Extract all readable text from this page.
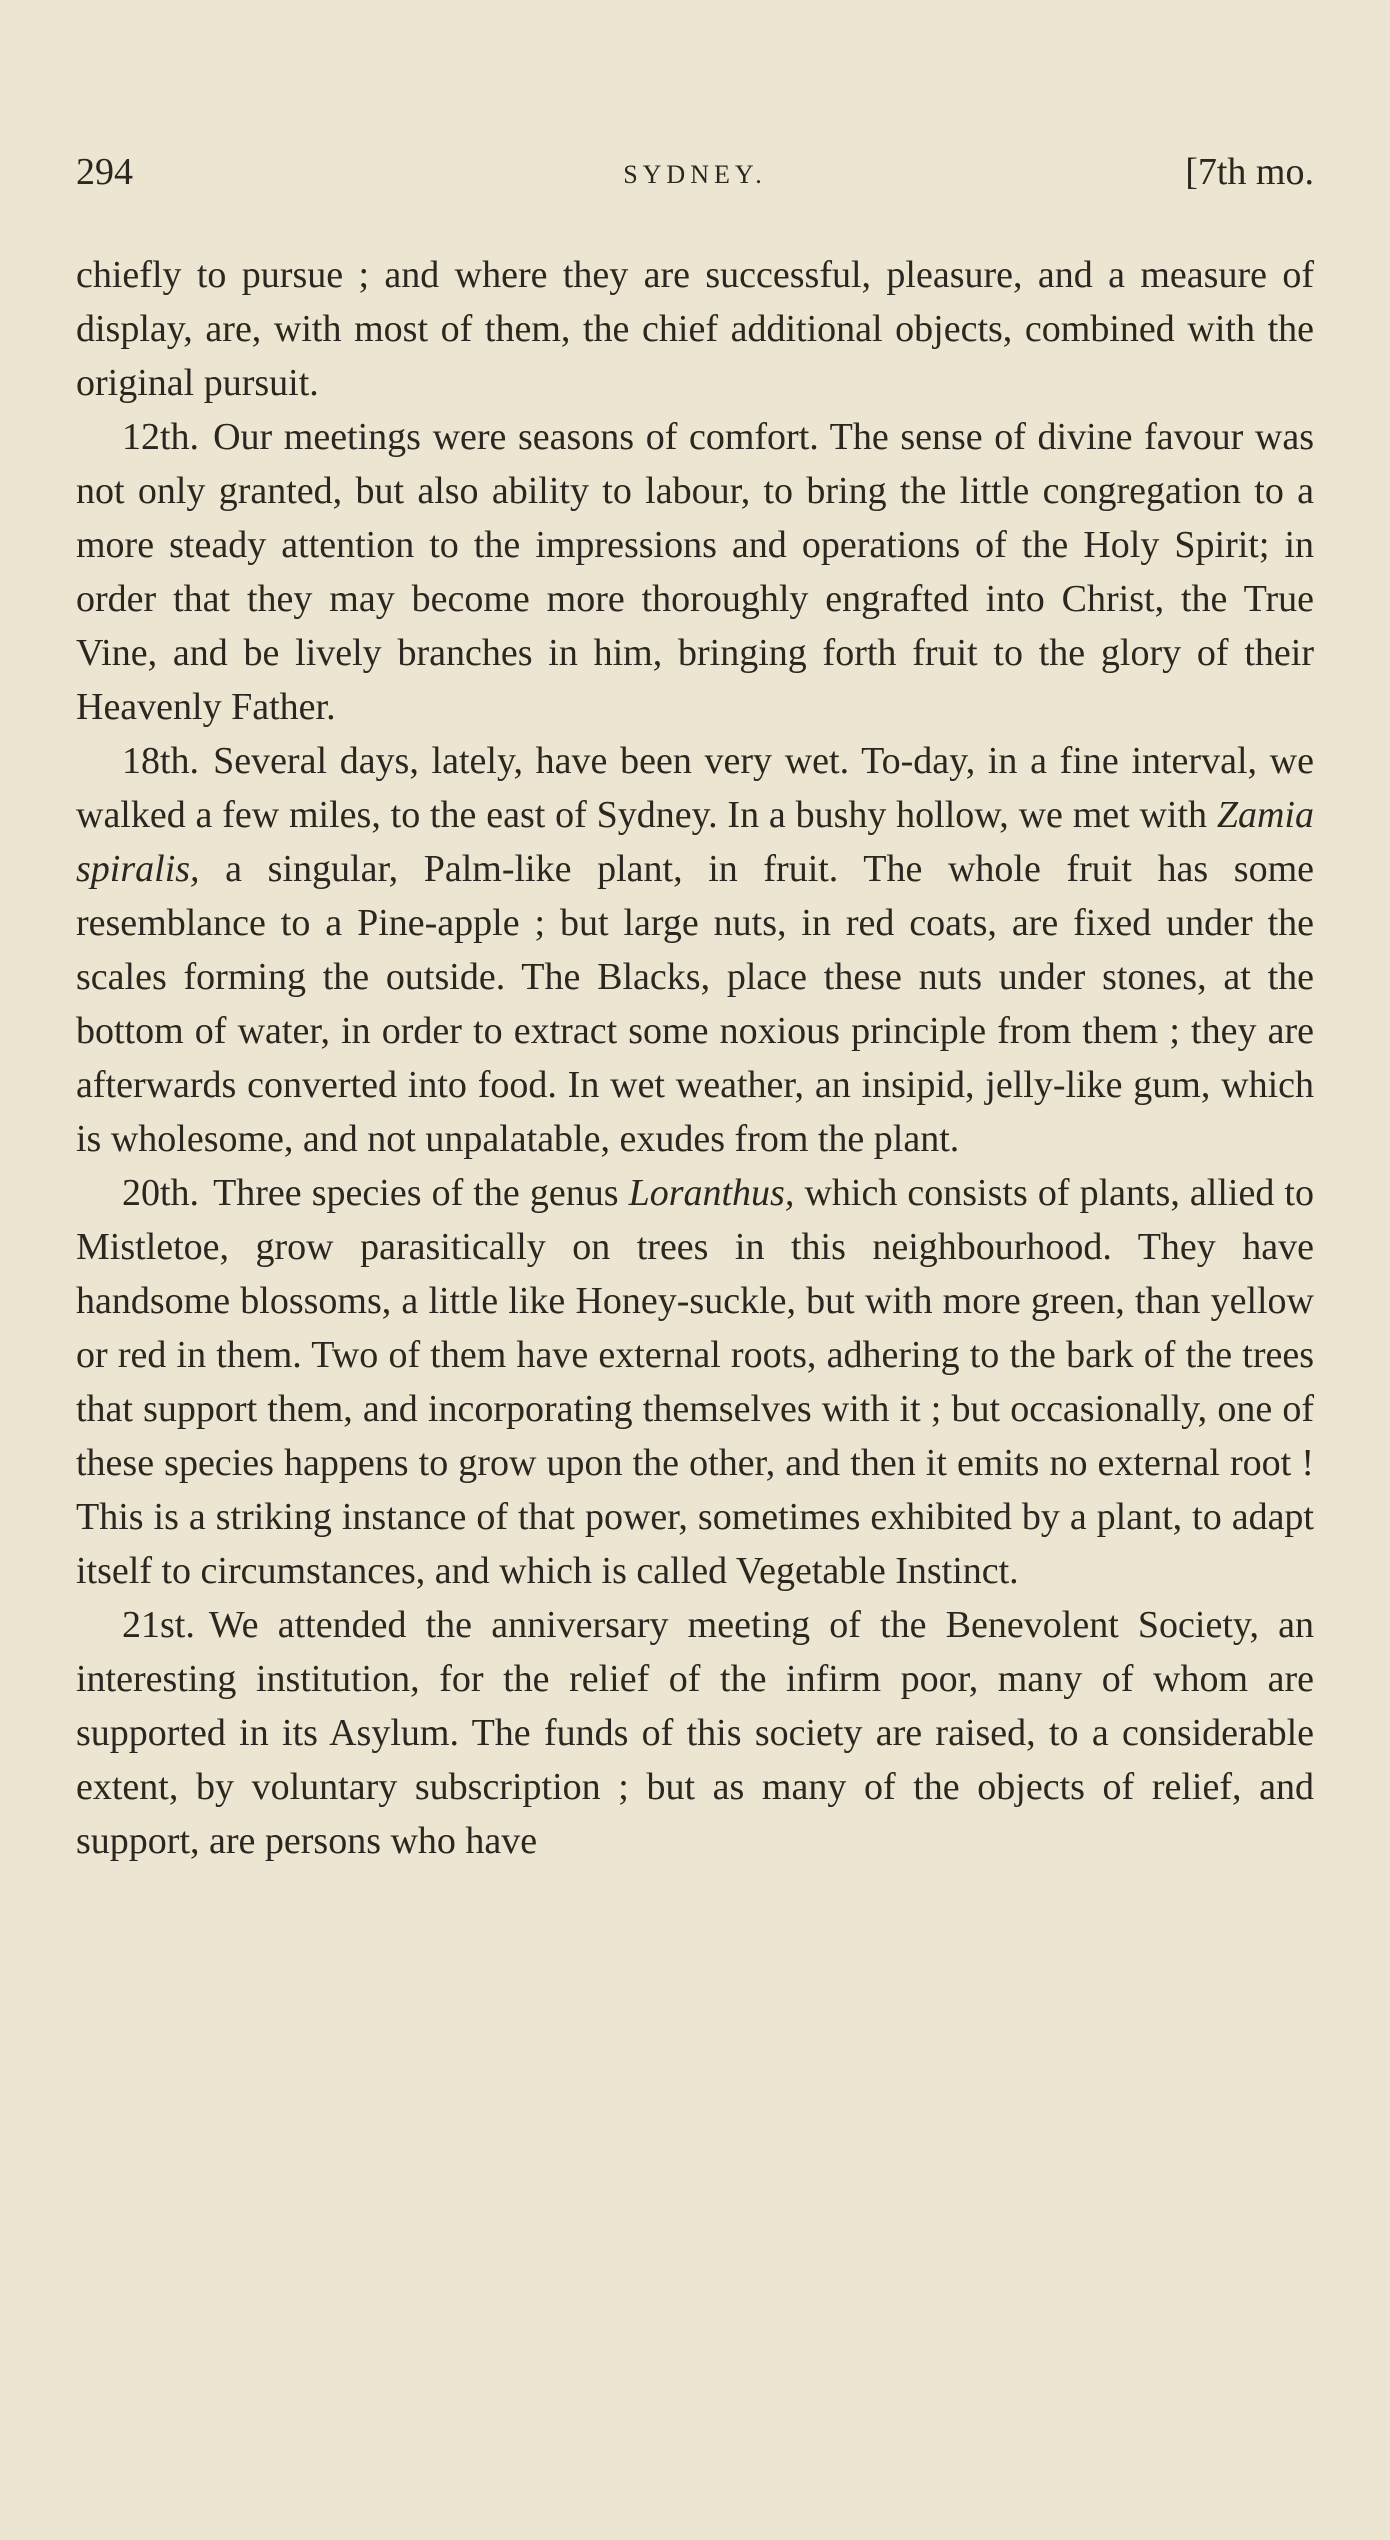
294	SYDNEY.	[7th mo.

chiefly to pursue ; and where they are successful, pleasure, and a measure of display, are, with most of them, the chief additional objects, combined with the original pursuit.

12th. Our meetings were seasons of comfort. The sense of divine favour was not only granted, but also ability to labour, to bring the little congregation to a more steady attention to the impressions and operations of the Holy Spirit; in order that they may become more thoroughly engrafted into Christ, the True Vine, and be lively branches in him, bringing forth fruit to the glory of their Heavenly Father.

18th. Several days, lately, have been very wet. To-day, in a fine interval, we walked a few miles, to the east of Sydney. In a bushy hollow, we met with Zamia spiralis, a singular, Palm-like plant, in fruit. The whole fruit has some resemblance to a Pine-apple ; but large nuts, in red coats, are fixed under the scales forming the outside. The Blacks, place these nuts under stones, at the bottom of water, in order to extract some noxious principle from them ; they are afterwards converted into food. In wet weather, an insipid, jelly-like gum, which is wholesome, and not unpalatable, exudes from the plant.

20th. Three species of the genus Loranthus, which consists of plants, allied to Mistletoe, grow parasitically on trees in this neighbourhood. They have handsome blossoms, a little like Honey-suckle, but with more green, than yellow or red in them. Two of them have external roots, adhering to the bark of the trees that support them, and incorporating themselves with it ; but occasionally, one of these species happens to grow upon the other, and then it emits no external root ! This is a striking instance of that power, sometimes exhibited by a plant, to adapt itself to circumstances, and which is called Vegetable Instinct.

21st. We attended the anniversary meeting of the Benevolent Society, an interesting institution, for the relief of the infirm poor, many of whom are supported in its Asylum. The funds of this society are raised, to a considerable extent, by voluntary subscription ; but as many of the objects of relief, and support, are persons who have
